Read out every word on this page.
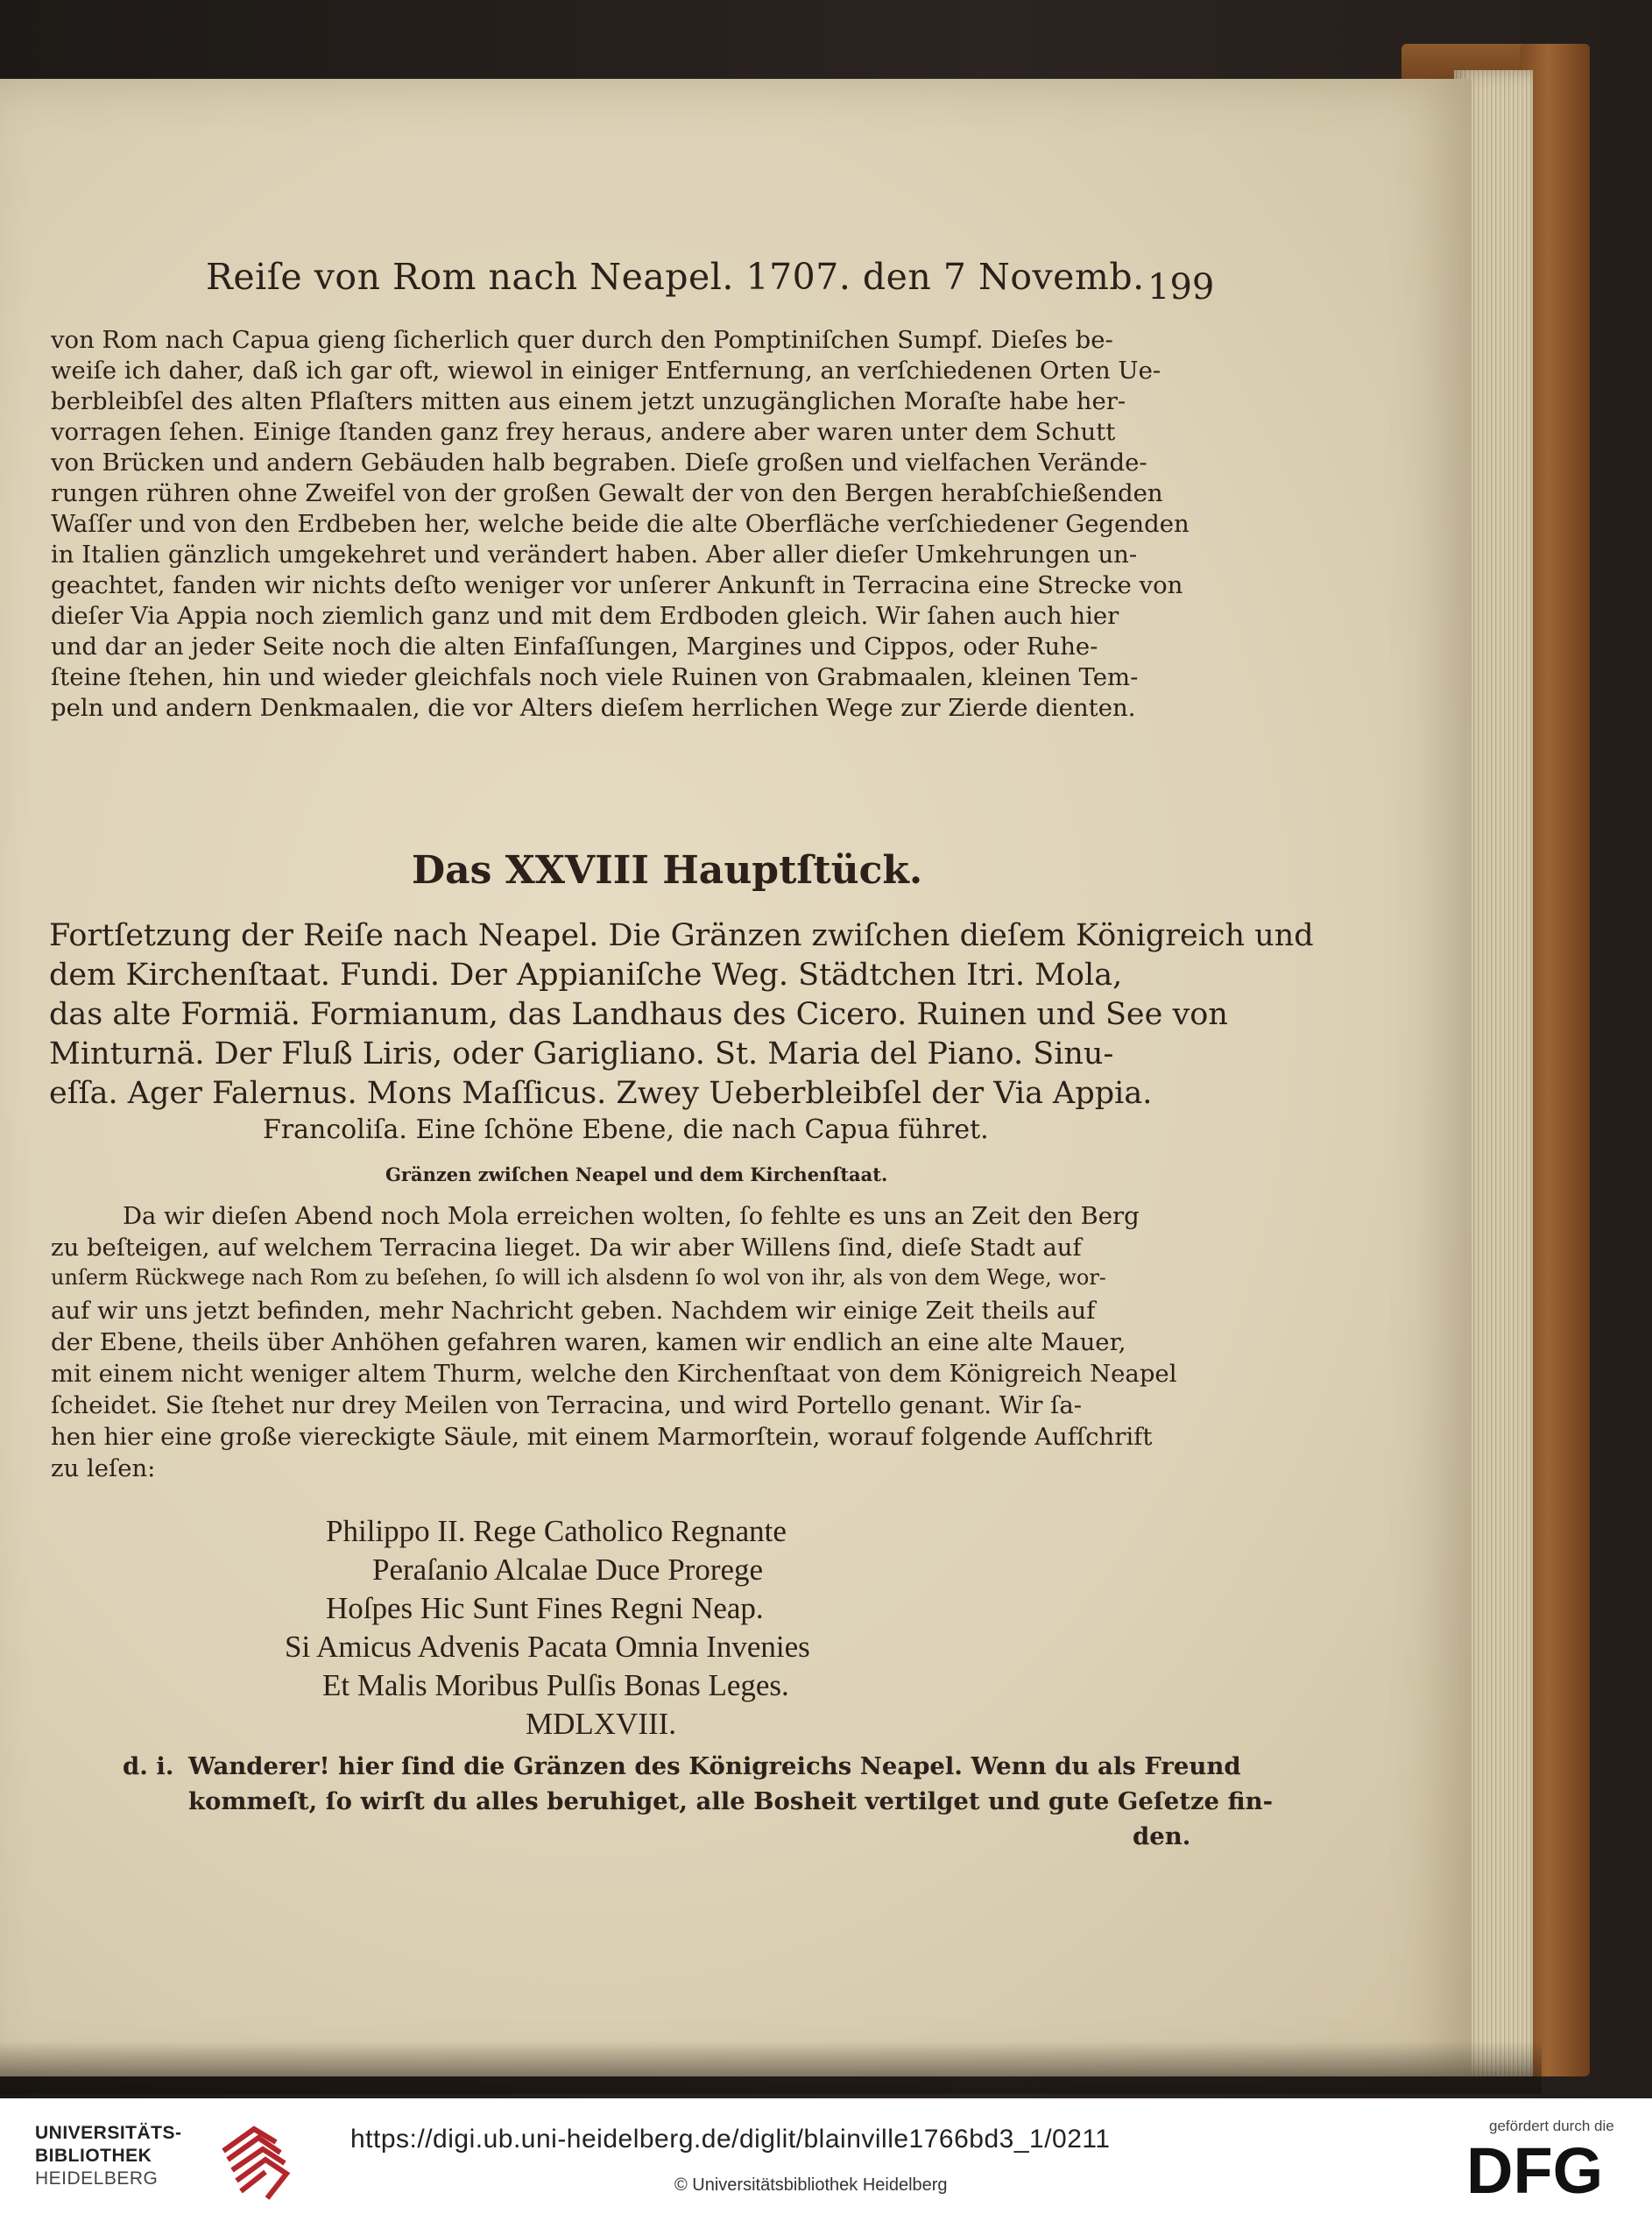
Reiſe von Rom nach Neapel. 1707. den 7 Novemb. 199
von Rom nach Capua gieng ſicherlich quer durch den Pomptiniſchen Sumpf. Dieſes be-
weiſe ich daher, daß ich gar oft, wiewol in einiger Entfernung, an verſchiedenen Orten Ue-
berbleibſel des alten Pflaſters mitten aus einem jetzt unzugänglichen Moraſte habe her-
vorragen ſehen. Einige ſtanden ganz frey heraus, andere aber waren unter dem Schutt
von Brücken und andern Gebäuden halb begraben. Dieſe großen und vielfachen Verände-
rungen rühren ohne Zweifel von der großen Gewalt der von den Bergen herabſchießenden
Waſſer und von den Erdbeben her, welche beide die alte Oberfläche verſchiedener Gegenden
in Italien gänzlich umgekehret und verändert haben. Aber aller dieſer Umkehrungen un-
geachtet, fanden wir nichts deſto weniger vor unſerer Ankunft in Terracina eine Strecke von
dieſer Via Appia noch ziemlich ganz und mit dem Erdboden gleich. Wir ſahen auch hier
und dar an jeder Seite noch die alten Einfaſſungen, Margines und Cippos, oder Ruhe-
ſteine ſtehen, hin und wieder gleichfals noch viele Ruinen von Grabmaalen, kleinen Tem-
peln und andern Denkmaalen, die vor Alters dieſem herrlichen Wege zur Zierde dienten.
Das XXVIII Hauptſtück.
Fortſetzung der Reiſe nach Neapel. Die Gränzen zwiſchen dieſem Königreich und
dem Kirchenſtaat. Fundi. Der Appianiſche Weg. Städtchen Itri. Mola,
das alte Formiä. Formianum, das Landhaus des Cicero. Ruinen und See von
Minturnä. Der Fluß Liris, oder Garigliano. St. Maria del Piano. Sinu-
eſſa. Ager Falernus. Mons Maſſicus. Zwey Ueberbleibſel der Via Appia.
Francoliſa. Eine ſchöne Ebene, die nach Capua führet.
Gränzen zwiſchen Neapel und dem Kirchenſtaat.
Da wir dieſen Abend noch Mola erreichen wolten, ſo fehlte es uns an Zeit den Berg
zu beſteigen, auf welchem Terracina lieget. Da wir aber Willens ſind, dieſe Stadt auf
unſerm Rückwege nach Rom zu beſehen, ſo will ich alsdenn ſo wol von ihr, als von dem Wege, wor-
auf wir uns jetzt befinden, mehr Nachricht geben. Nachdem wir einige Zeit theils auf
der Ebene, theils über Anhöhen gefahren waren, kamen wir endlich an eine alte Mauer,
mit einem nicht weniger altem Thurm, welche den Kirchenſtaat von dem Königreich Neapel
ſcheidet. Sie ſtehet nur drey Meilen von Terracina, und wird Portello genant. Wir ſa-
hen hier eine große viereckigte Säule, mit einem Marmorſtein, worauf folgende Aufſchrift
zu leſen:
Philippo II. Rege Catholico Regnante
Peraſanio Alcalae Duce Prorege
Hoſpes Hic Sunt Fines Regni Neap.
Si Amicus Advenis Pacata Omnia Invenies
Et Malis Moribus Pulſis Bonas Leges.
MDLXVIII.
d. i. Wanderer! hier ſind die Gränzen des Königreichs Neapel. Wenn du als Freund
kommeſt, ſo wirſt du alles beruhiget, alle Bosheit vertilget und gute Geſetze fin-
den.
UNIVERSITÄTS-
BIBLIOTHEK
HEIDELBERG
https://digi.ub.uni-heidelberg.de/diglit/blainville1766bd3_1/0211
© Universitätsbibliothek Heidelberg
gefördert durch die
DFG
